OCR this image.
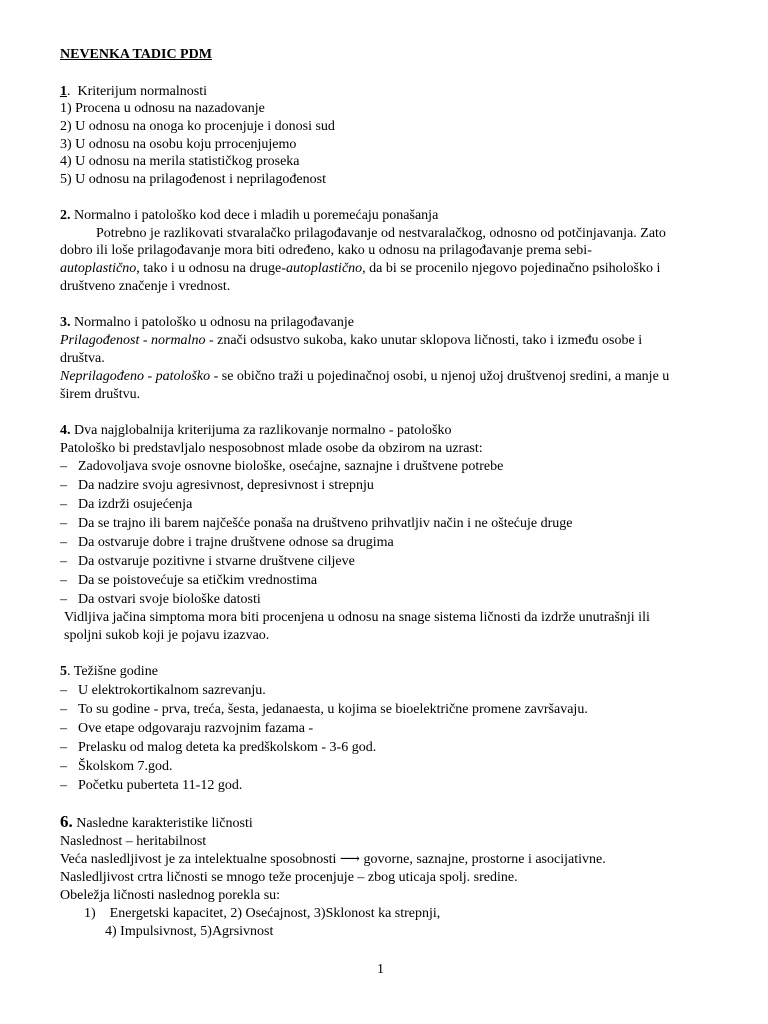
NEVENKA TADIC PDM
1.  Kriterijum normalnosti
1) Procena u odnosu na nazadovanje
2) U odnosu na onoga ko procenjuje i donosi sud
3) U odnosu na osobu koju prrocenjujemo
4) U odnosu na merila statističkog proseka
5) U odnosu na prilagođenost i neprilagođenost
2. Normalno i patološko kod dece i mladih u poremećaju ponašanja
Potrebno je razlikovati stvaralačko prilagođavanje od nestvaralačkog, odnosno od potčinjavanja. Zato
dobro ili loše prilagođavanje mora biti određeno, kako u odnosu na prilagođavanje prema sebi-
autoplastično, tako i u odnosu na druge-autoplastično, da bi se procenilo njegovo pojedinačno psihološko i
društveno značenje i vrednost.
3. Normalno i patološko u odnosu na prilagođavanje
Prilagođenost - normalno - znači odsustvo sukoba, kako unutar sklopova ličnosti, tako i između osobe i
društva.
Neprilagođeno - patološko - se obično traži u pojedinačnoj osobi, u njenoj užoj društvenoj sredini, a manje u
širem društvu.
4. Dva najglobalnija kriterijuma za razlikovanje normalno - patološko
Patološko bi predstavljalo nesposobnost mlade osobe da obzirom na uzrast:
– Zadovoljava svoje osnovne biološke, osećajne, saznajne i društvene potrebe
– Da nadzire svoju agresivnost, depresivnost i strepnju
– Da izdrži osujećenja
– Da se trajno ili barem najčešće ponaša na društveno prihvatljiv način i ne oštećuje druge
– Da ostvaruje dobre i trajne društvene odnose sa drugima
– Da ostvaruje pozitivne i stvarne društvene ciljeve
– Da se poistovećuje sa etičkim vrednostima
– Da ostvari svoje biološke datosti
Vidljiva jačina simptoma mora biti procenjena u odnosu na snage sistema ličnosti da izdrže unutrašnji ili
spoljni sukob koji je pojavu izazvao.
5. Težišne godine
– U elektrokortikalnom sazrevanju.
– To su godine - prva, treća, šesta, jedanaesta, u kojima se bioelektrične promene završavaju.
– Ove etape odgovaraju razvojnim fazama -
– Prelasku od malog deteta ka predškolskom - 3-6 god.
– Školskom 7.god.
– Početku puberteta 11-12 god.
6. Nasledne karakteristike ličnosti
Naslednost – heritabilnost
Veća nasledljivost je za intelektualne sposobnosti ⟶ govorne, saznajne, prostorne i asocijativne.
Nasledljivost crtra ličnosti se mnogo teže procenjuje – zbog uticaja spolj. sredine.
Obeležja ličnosti naslednog porekla su:
1) Energetski kapacitet, 2) Osećajnost, 3)Sklonost ka strepnji,
4) Impulsivnost, 5)Agrsivnost
1
